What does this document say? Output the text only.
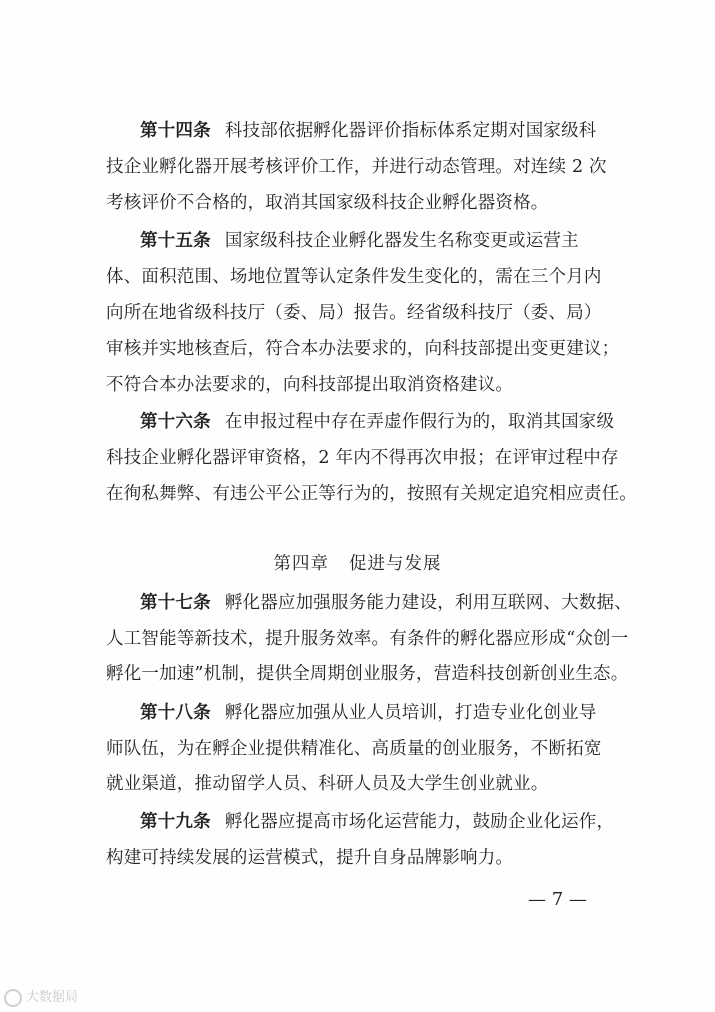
第十四条 科技部依据孵化器评价指标体系定期对国家级科
技企业孵化器开展考核评价工作，并进行动态管理。对连续 2 次
考核评价不合格的，取消其国家级科技企业孵化器资格。
第十五条 国家级科技企业孵化器发生名称变更或运营主
体、面积范围、场地位置等认定条件发生变化的，需在三个月内
向所在地省级科技厅（委、局）报告。经省级科技厅（委、局）
审核并实地核查后，符合本办法要求的，向科技部提出变更建议；
不符合本办法要求的，向科技部提出取消资格建议。
第十六条 在申报过程中存在弄虚作假行为的，取消其国家级
科技企业孵化器评审资格，2 年内不得再次申报；在评审过程中存
在徇私舞弊、有违公平公正等行为的，按照有关规定追究相应责任。
第四章 促进与发展
第十七条 孵化器应加强服务能力建设，利用互联网、大数据、
人工智能等新技术，提升服务效率。有条件的孵化器应形成“众创一
孵化一加速”机制，提供全周期创业服务，营造科技创新创业生态。
第十八条 孵化器应加强从业人员培训，打造专业化创业导
师队伍，为在孵企业提供精准化、高质量的创业服务，不断拓宽
就业渠道，推动留学人员、科研人员及大学生创业就业。
第十九条 孵化器应提高市场化运营能力，鼓励企业化运作，
构建可持续发展的运营模式，提升自身品牌影响力。
— 7 —
大数据局
